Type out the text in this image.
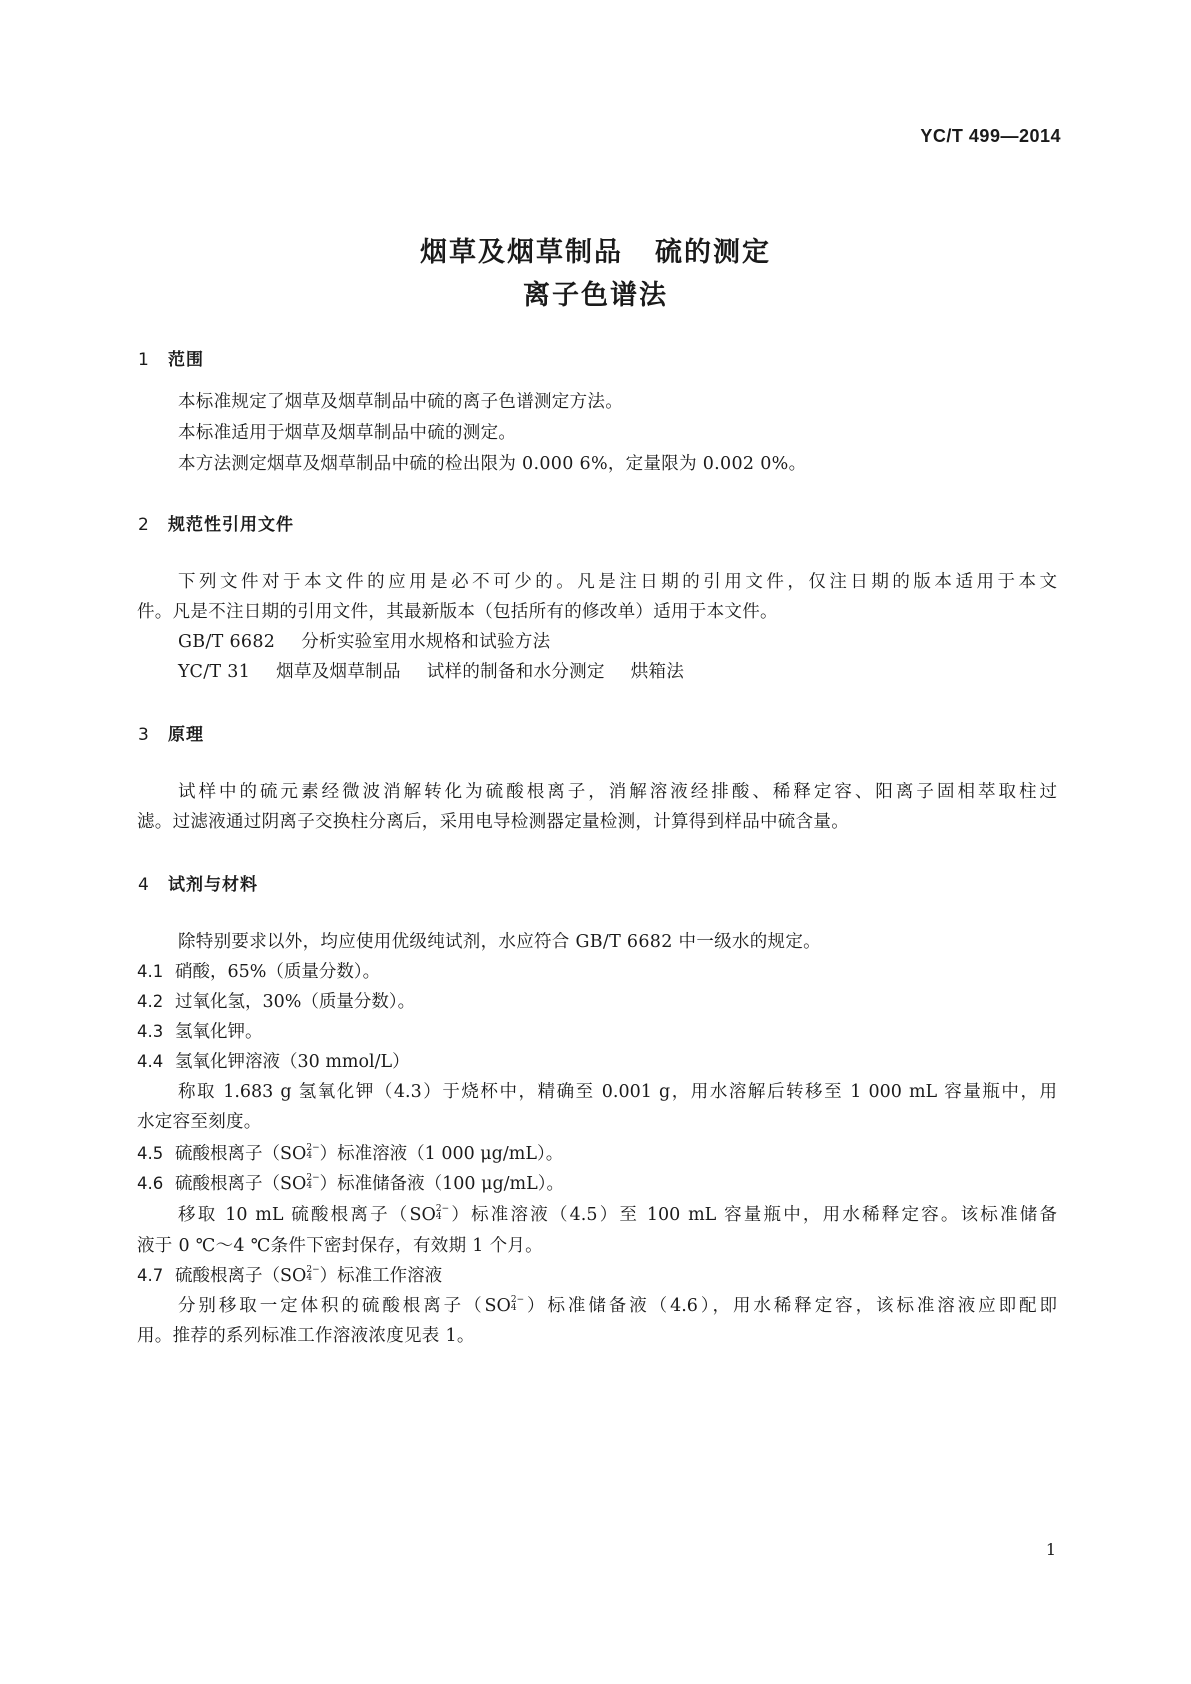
YC/T 499—2014
烟草及烟草制品 硫的测定
离子色谱法
1 范围
本标准规定了烟草及烟草制品中硫的离子色谱测定方法。
本标准适用于烟草及烟草制品中硫的测定。
本方法测定烟草及烟草制品中硫的检出限为 0.000 6%，定量限为 0.002 0%。
2 规范性引用文件
下列文件对于本文件的应用是必不可少的。凡是注日期的引用文件，仅注日期的版本适用于本文
件。凡是不注日期的引用文件，其最新版本（包括所有的修改单）适用于本文件。
GB/T 6682 分析实验室用水规格和试验方法
YC/T 31 烟草及烟草制品 试样的制备和水分测定 烘箱法
3 原理
试样中的硫元素经微波消解转化为硫酸根离子，消解溶液经排酸、稀释定容、阳离子固相萃取柱过
滤。过滤液通过阴离子交换柱分离后，采用电导检测器定量检测，计算得到样品中硫含量。
4 试剂与材料
除特别要求以外，均应使用优级纯试剂，水应符合 GB/T 6682 中一级水的规定。
4.1 硝酸，65%（质量分数）。
4.2 过氧化氢，30%（质量分数）。
4.3 氢氧化钾。
4.4 氢氧化钾溶液（30 mmol/L）
称取 1.683 g 氢氧化钾（4.3）于烧杯中，精确至 0.001 g，用水溶解后转移至 1 000 mL 容量瓶中，用
水定容至刻度。
4.5 硫酸根离子（SO 2−
4 ）标准溶液（1 000 μg/mL）。
4.6 硫酸根离子（SO 2−
4 ）标准储备液（100 μg/mL）。
移取 10 mL 硫酸根离子（SO 2−
4 ）标准溶液（4.5）至 100 mL 容量瓶中，用水稀释定容。该标准储备
液于 0 ℃～4 ℃条件下密封保存，有效期 1 个月。
4.7 硫酸根离子（SO 2−
4 ）标准工作溶液
分别移取一定体积的硫酸根离子（SO 2−
4 ）标准储备液（4.6），用水稀释定容，该标准溶液应即配即
用。推荐的系列标准工作溶液浓度见表 1。
1
